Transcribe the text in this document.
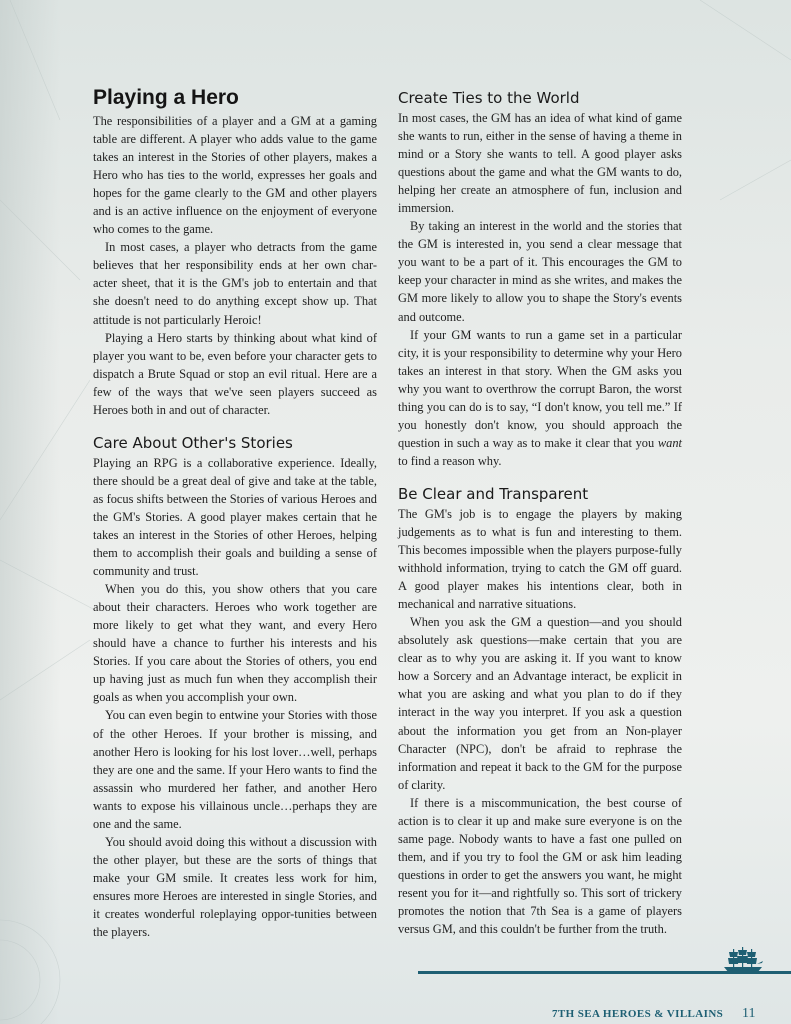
Playing a Hero

The responsibilities of a player and a GM at a gaming table are different. A player who adds value to the game takes an interest in the Stories of other players, makes a Hero who has ties to the world, expresses her goals and hopes for the game clearly to the GM and other players and is an active influence on the enjoyment of everyone who comes to the game.

In most cases, a player who detracts from the game believes that her responsibility ends at her own char-acter sheet, that it is the GM's job to entertain and that she doesn't need to do anything except show up. That attitude is not particularly Heroic!

Playing a Hero starts by thinking about what kind of player you want to be, even before your character gets to dispatch a Brute Squad or stop an evil ritual. Here are a few of the ways that we've seen players succeed as Heroes both in and out of character.

Care About Other's Stories

Playing an RPG is a collaborative experience. Ideally, there should be a great deal of give and take at the table, as focus shifts between the Stories of various Heroes and the GM's Stories. A good player makes certain that he takes an interest in the Stories of other Heroes, helping them to accomplish their goals and building a sense of community and trust.

When you do this, you show others that you care about their characters. Heroes who work together are more likely to get what they want, and every Hero should have a chance to further his interests and his Stories. If you care about the Stories of others, you end up having just as much fun when they accomplish their goals as when you accomplish your own.

You can even begin to entwine your Stories with those of the other Heroes. If your brother is missing, and another Hero is looking for his lost lover…well, perhaps they are one and the same. If your Hero wants to find the assassin who murdered her father, and another Hero wants to expose his villainous uncle…perhaps they are one and the same.

You should avoid doing this without a discussion with the other player, but these are the sorts of things that make your GM smile. It creates less work for him, ensures more Heroes are interested in single Stories, and it creates wonderful roleplaying oppor-tunities between the players.

Create Ties to the World

In most cases, the GM has an idea of what kind of game she wants to run, either in the sense of having a theme in mind or a Story she wants to tell. A good player asks questions about the game and what the GM wants to do, helping her create an atmosphere of fun, inclusion and immersion.

By taking an interest in the world and the stories that the GM is interested in, you send a clear message that you want to be a part of it. This encourages the GM to keep your character in mind as she writes, and makes the GM more likely to allow you to shape the Story's events and outcome.

If your GM wants to run a game set in a particular city, it is your responsibility to determine why your Hero takes an interest in that story. When the GM asks you why you want to overthrow the corrupt Baron, the worst thing you can do is to say, “I don't know, you tell me.” If you honestly don't know, you should approach the question in such a way as to make it clear that you want to find a reason why.

Be Clear and Transparent

The GM's job is to engage the players by making judgements as to what is fun and interesting to them. This becomes impossible when the players purpose-fully withhold information, trying to catch the GM off guard. A good player makes his intentions clear, both in mechanical and narrative situations.

When you ask the GM a question—and you should absolutely ask questions—make certain that you are clear as to why you are asking it. If you want to know how a Sorcery and an Advantage interact, be explicit in what you are asking and what you plan to do if they interact in the way you interpret. If you ask a question about the information you get from an Non-player Character (NPC), don't be afraid to rephrase the information and repeat it back to the GM for the purpose of clarity.

If there is a miscommunication, the best course of action is to clear it up and make sure everyone is on the same page. Nobody wants to have a fast one pulled on them, and if you try to fool the GM or ask him leading questions in order to get the answers you want, he might resent you for it—and rightfully so. This sort of trickery promotes the notion that 7th Sea is a game of players versus GM, and this couldn't be further from the truth.

7TH SEA HEROES & VILLAINS 11
